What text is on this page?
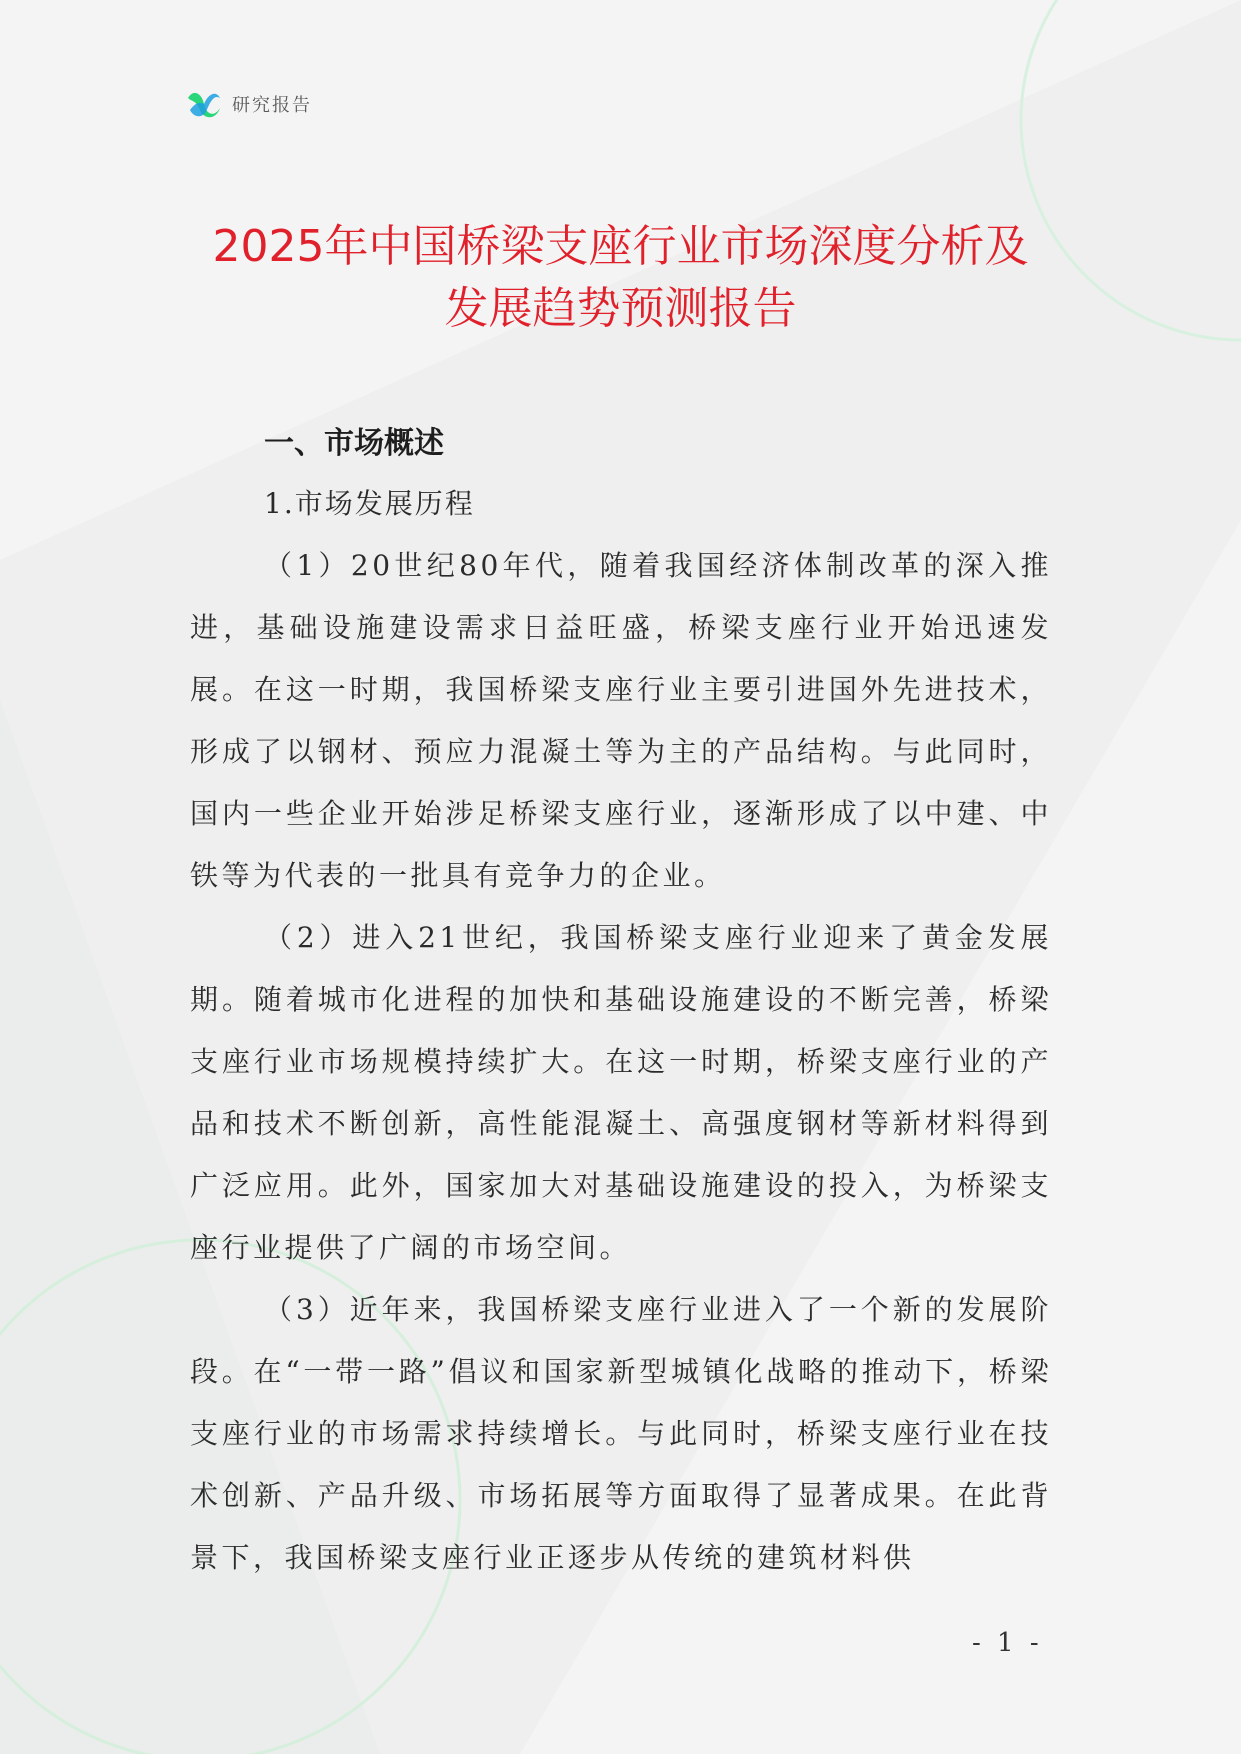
研究报告
2025年中国桥梁支座行业市场深度分析及
发展趋势预测报告
一、市场概述
1.市场发展历程

（1）20世纪80年代，随着我国经济体制改革的深入推进，基础设施建设需求日益旺盛，桥梁支座行业开始迅速发展。在这一时期，我国桥梁支座行业主要引进国外先进技术，形成了以钢材、预应力混凝土等为主的产品结构。与此同时，国内一些企业开始涉足桥梁支座行业，逐渐形成了以中建、中铁等为代表的一批具有竞争力的企业。

（2）进入21世纪，我国桥梁支座行业迎来了黄金发展期。随着城市化进程的加快和基础设施建设的不断完善，桥梁支座行业市场规模持续扩大。在这一时期，桥梁支座行业的产品和技术不断创新，高性能混凝土、高强度钢材等新材料得到广泛应用。此外，国家加大对基础设施建设的投入，为桥梁支座行业提供了广阔的市场空间。

（3）近年来，我国桥梁支座行业进入了一个新的发展阶段。在“一带一路”倡议和国家新型城镇化战略的推动下，桥梁支座行业的市场需求持续增长。与此同时，桥梁支座行业在技术创新、产品升级、市场拓展等方面取得了显著成果。在此背景下，我国桥梁支座行业正逐步从传统的建筑材料供

- 1 -
